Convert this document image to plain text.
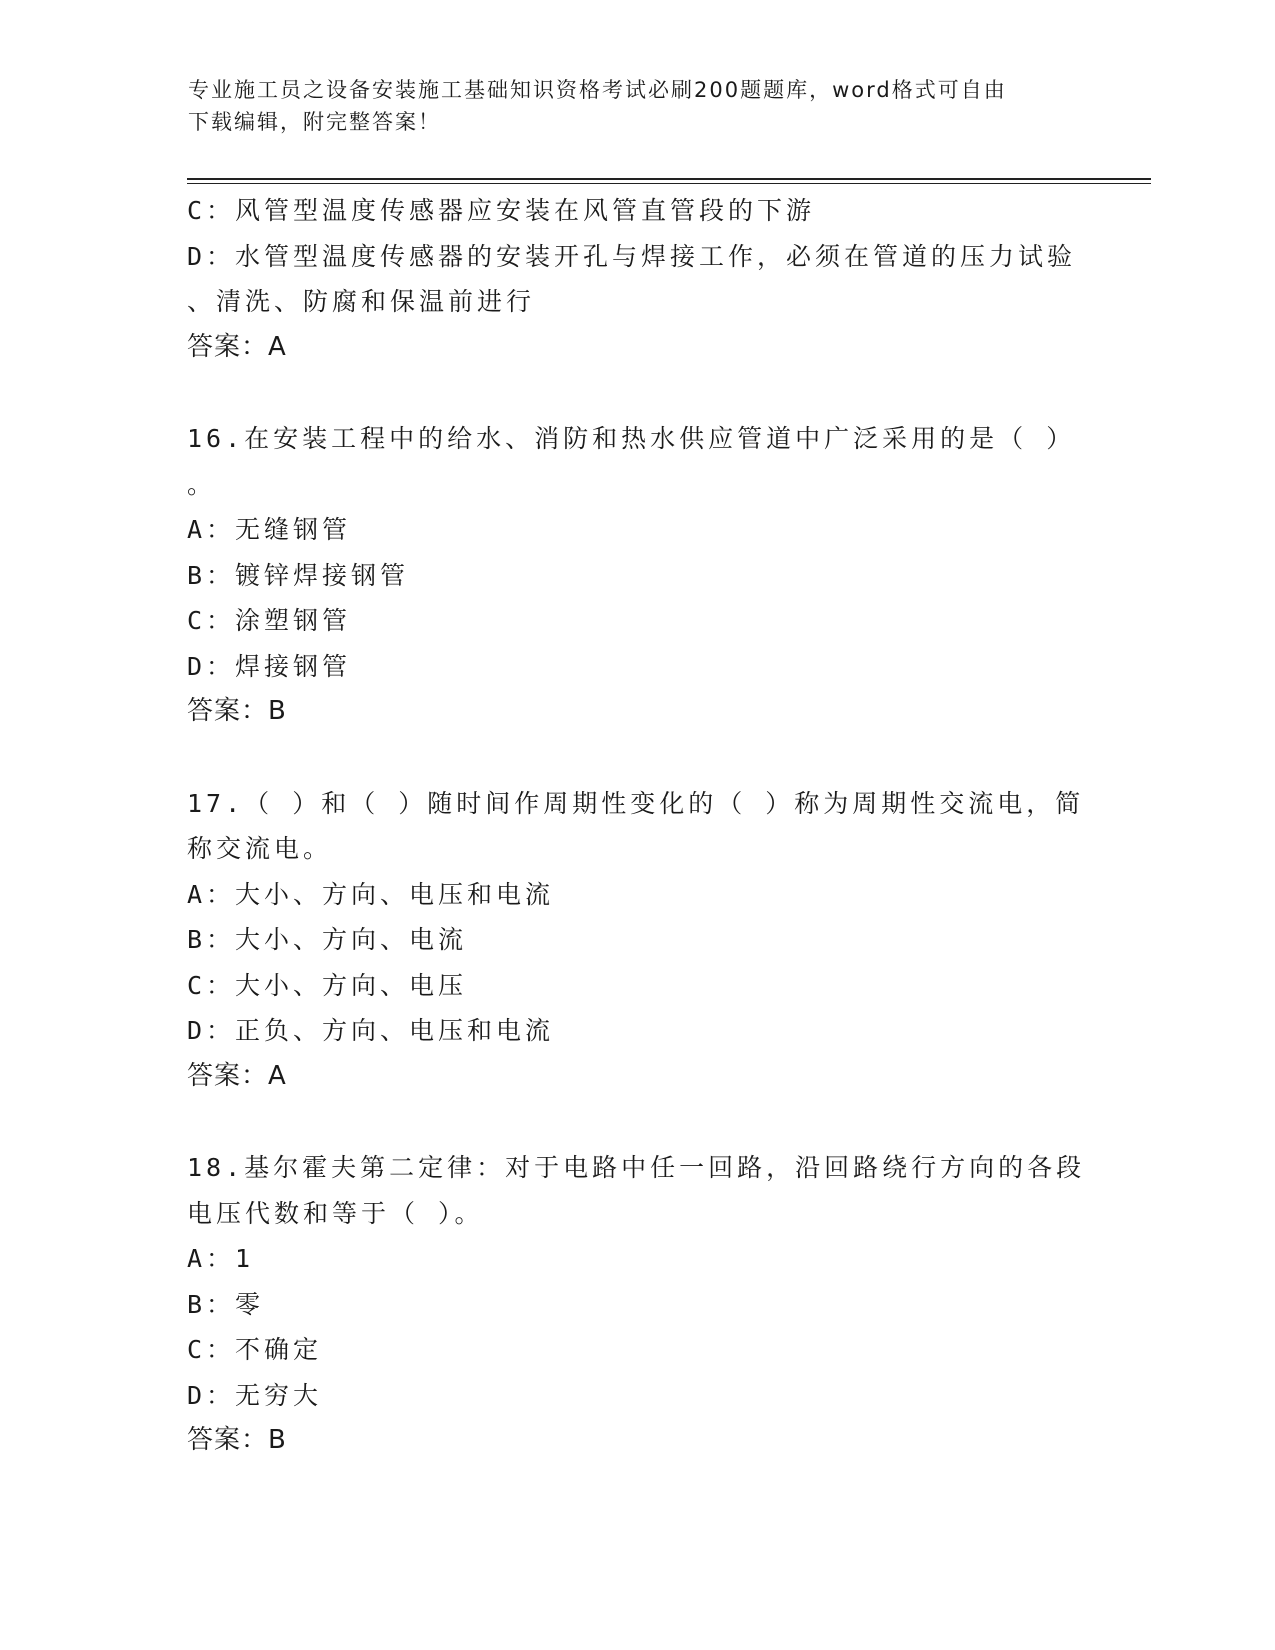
专业施工员之设备安装施工基础知识资格考试必刷200题题库，word格式可自由
下载编辑，附完整答案！
C：风管型温度传感器应安装在风管直管段的下游
D：水管型温度传感器的安装开孔与焊接工作，必须在管道的压力试验
、清洗、防腐和保温前进行
答案：A
16.在安装工程中的给水、消防和热水供应管道中广泛采用的是（ ）
。
A：无缝钢管
B：镀锌焊接钢管
C：涂塑钢管
D：焊接钢管
答案：B
17.（ ）和（ ）随时间作周期性变化的（ ）称为周期性交流电，简
称交流电。
A：大小、方向、电压和电流
B：大小、方向、电流
C：大小、方向、电压
D：正负、方向、电压和电流
答案：A
18.基尔霍夫第二定律：对于电路中任一回路，沿回路绕行方向的各段
电压代数和等于（ ）。
A：1
B：零
C：不确定
D：无穷大
答案：B
